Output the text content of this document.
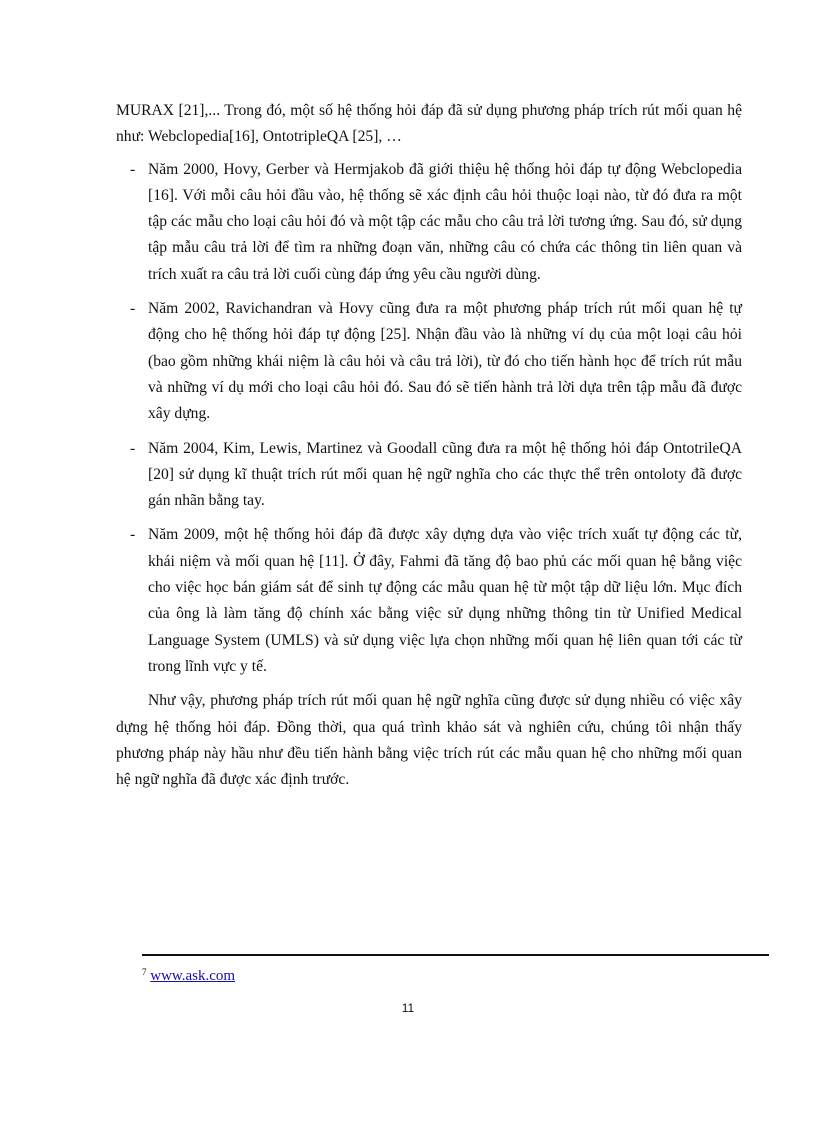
MURAX [21],... Trong đó, một số hệ thống hỏi đáp đã sử dụng phương pháp trích rút mối quan hệ như: Webclopedia[16], OntotripleQA [25], …

- Năm 2000, Hovy, Gerber và Hermjakob đã giới thiệu hệ thống hỏi đáp tự động Webclopedia [16]. Với mỗi câu hỏi đầu vào, hệ thống sẽ xác định câu hỏi thuộc loại nào, từ đó đưa ra một tập các mẫu cho loại câu hỏi đó và một tập các mẫu cho câu trả lời tương ứng. Sau đó, sử dụng tập mẫu câu trả lời để tìm ra những đoạn văn, những câu có chứa các thông tin liên quan và trích xuất ra câu trả lời cuối cùng đáp ứng yêu cầu người dùng.
- Năm 2002, Ravichandran và Hovy cũng đưa ra một phương pháp trích rút mối quan hệ tự động cho hệ thống hỏi đáp tự động [25]. Nhận đầu vào là những ví dụ của một loại câu hỏi (bao gồm những khái niệm là câu hỏi và câu trả lời), từ đó cho tiến hành học để trích rút mẫu và những ví dụ mới cho loại câu hỏi đó. Sau đó sẽ tiến hành trả lời dựa trên tập mẫu đã được xây dựng.
- Năm 2004, Kim, Lewis, Martinez và Goodall cũng đưa ra một hệ thống hỏi đáp OntotrileQA [20] sử dụng kĩ thuật trích rút mối quan hệ ngữ nghĩa cho các thực thể trên ontoloty đã được gán nhãn bằng tay.
- Năm 2009, một hệ thống hỏi đáp đã được xây dựng dựa vào việc trích xuất tự động các từ, khái niệm và mối quan hệ [11]. Ở đây, Fahmi đã tăng độ bao phủ các mối quan hệ bằng việc cho việc học bán giám sát để sinh tự động các mẫu quan hệ từ một tập dữ liệu lớn. Mục đích của ông là làm tăng độ chính xác bằng việc sử dụng những thông tin từ Unified Medical Language System (UMLS) và sử dụng việc lựa chọn những mối quan hệ liên quan tới các từ trong lĩnh vực y tế.

Như vậy, phương pháp trích rút mối quan hệ ngữ nghĩa cũng được sử dụng nhiều có việc xây dựng hệ thống hỏi đáp. Đồng thời, qua quá trình khảo sát và nghiên cứu, chúng tôi nhận thấy phương pháp này hầu như đều tiến hành bằng việc trích rút các mẫu quan hệ cho những mối quan hệ ngữ nghĩa đã được xác định trước.

$^7$ www.ask.com
11
